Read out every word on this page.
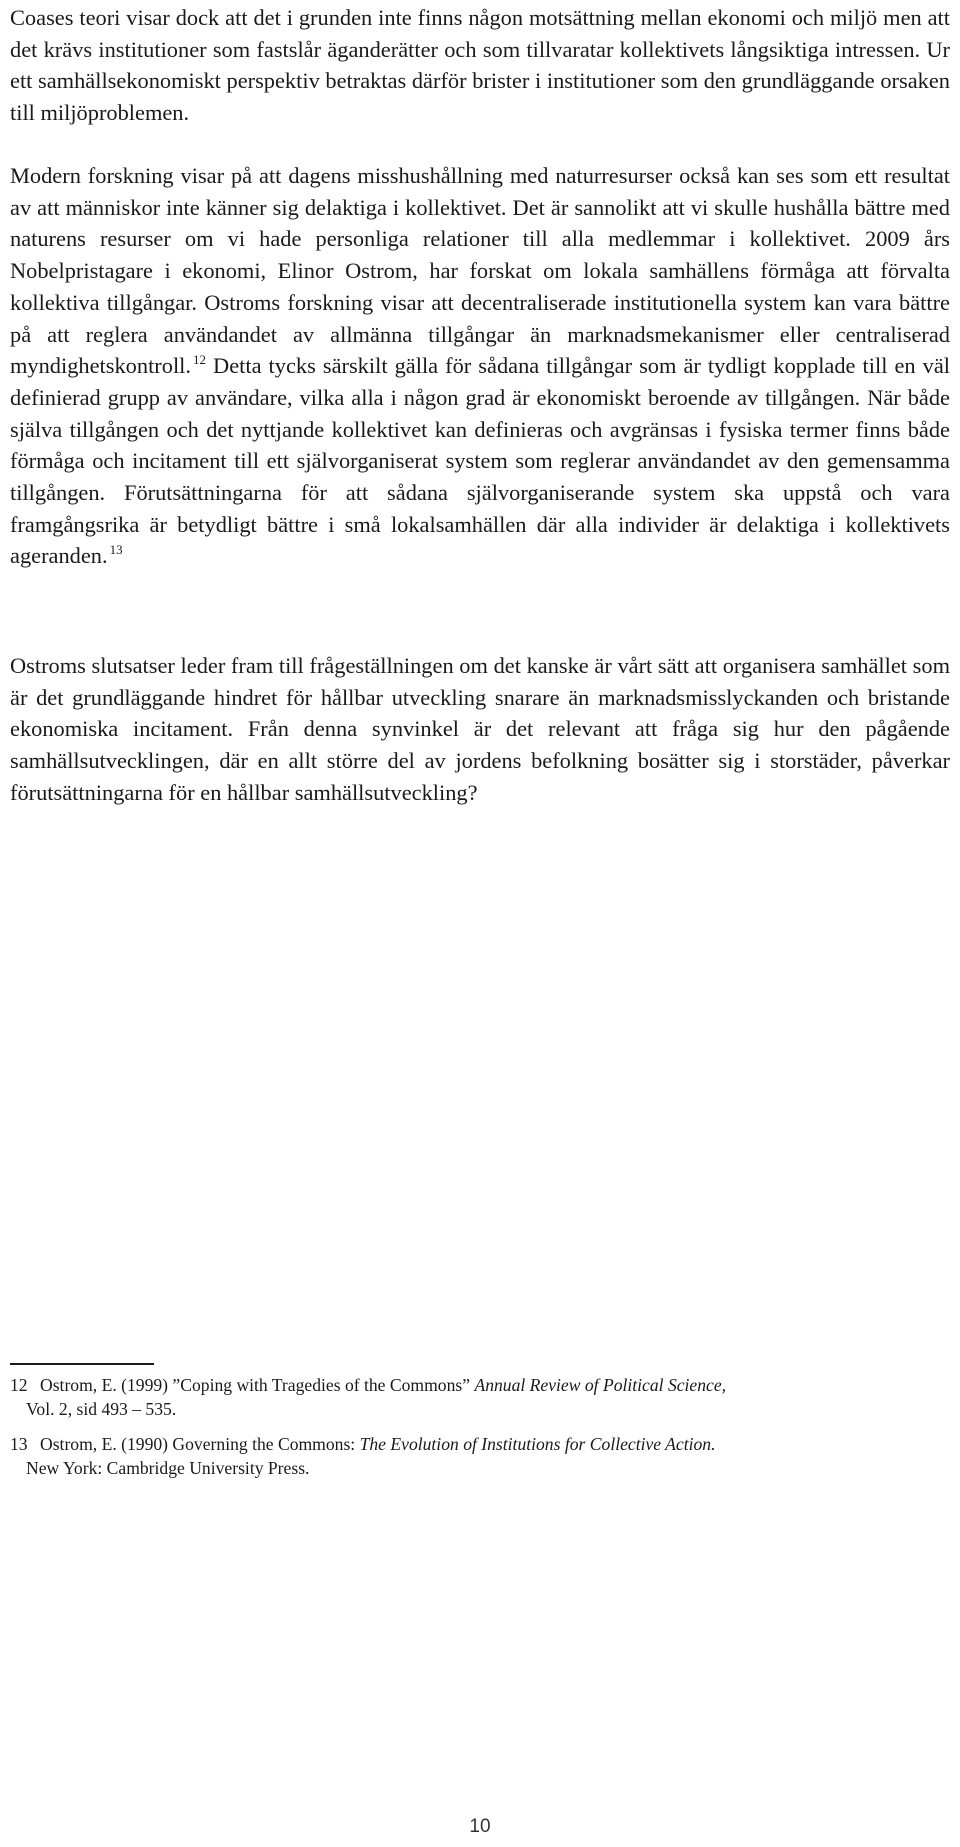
Coases teori visar dock att det i grunden inte finns någon motsättning mellan ekonomi och miljö men att det krävs institutioner som fastslår äganderätter och som tillvaratar kollektivets långsiktiga intressen. Ur ett samhällsekonomiskt perspektiv betraktas därför brister i institutioner som den grundläggande orsaken till miljöproblemen.

Modern forskning visar på att dagens misshushållning med naturresurser också kan ses som ett resultat av att människor inte känner sig delaktiga i kollektivet. Det är sannolikt att vi skulle hushålla bättre med naturens resurser om vi hade personliga relationer till alla medlemmar i kollektivet. 2009 års Nobelpristagare i ekonomi, Elinor Ostrom, har forskat om lokala samhällens förmåga att förvalta kollektiva tillgångar. Ostroms forskning visar att decentraliserade institutionella system kan vara bättre på att reglera användandet av allmänna tillgångar än marknadsmekanismer eller centraliserad myndighetskontroll. $^{12}$ Detta tycks särskilt gälla för sådana tillgångar som är tydligt kopplade till en väl definierad grupp av användare, vilka alla i någon grad är ekonomiskt beroende av tillgången. När både själva tillgången och det nyttjande kollektivet kan definieras och avgränsas i fysiska termer finns både förmåga och incitament till ett självorganiserat system som reglerar användandet av den gemensamma tillgången. Förutsättningarna för att sådana självorganiserande system ska uppstå och vara framgångsrika är betydligt bättre i små lokalsamhällen där alla individer är delaktiga i kollektivets ageranden. $^{13}$

Ostroms slutsatser leder fram till frågeställningen om det kanske är vårt sätt att organisera samhället som är det grundläggande hindret för hållbar utveckling snarare än marknadsmisslyckanden och bristande ekonomiska incitament. Från denna synvinkel är det relevant att fråga sig hur den pågående samhällsutvecklingen, där en allt större del av jordens befolkning bosätter sig i storstäder, påverkar förutsättningarna för en hållbar samhällsutveckling?

12 Ostrom, E. (1999) ”Coping with Tragedies of the Commons” Annual Review of Political Science,
Vol. 2, sid 493 – 535.
13 Ostrom, E. (1990) Governing the Commons: The Evolution of Institutions for Collective Action.
New York: Cambridge University Press.
10
